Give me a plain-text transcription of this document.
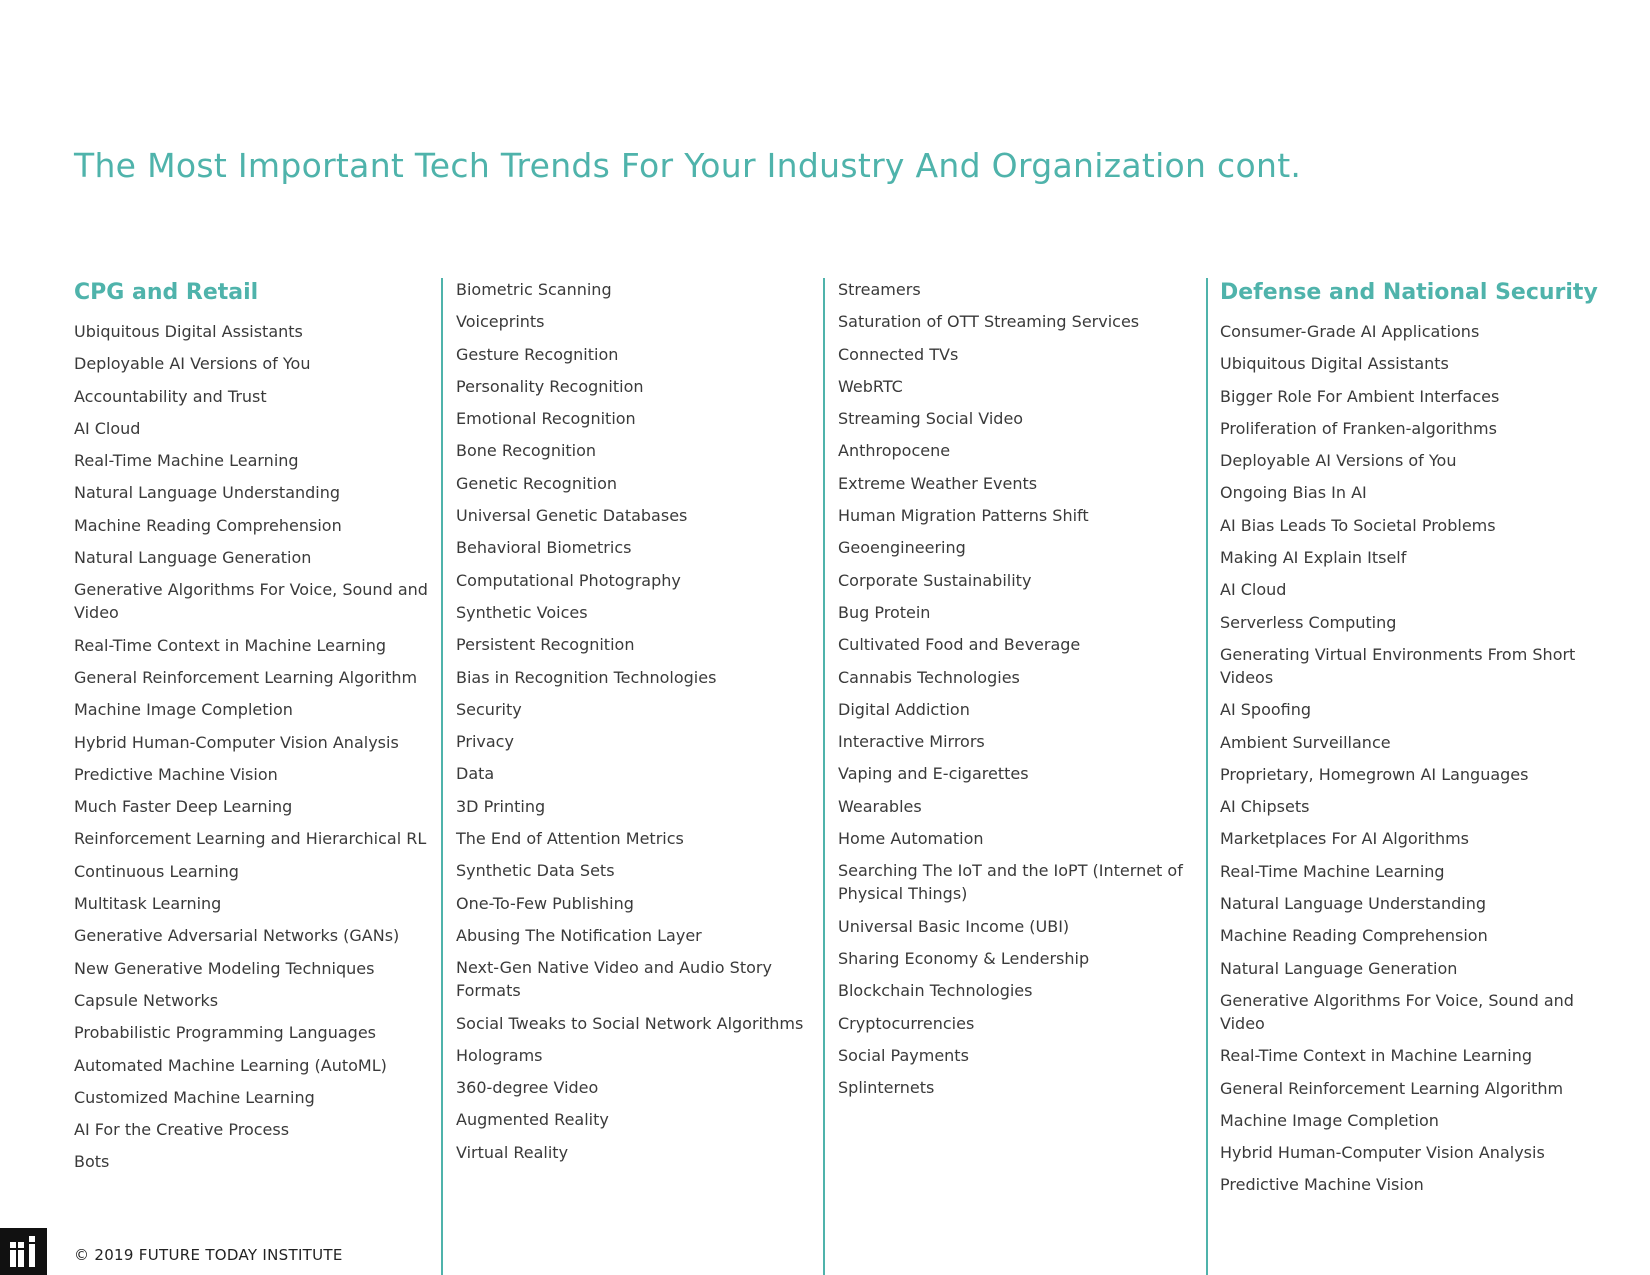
The Most Important Tech Trends For Your Industry And Organization cont.
CPG and Retail
Ubiquitous Digital Assistants
Deployable AI Versions of You
Accountability and Trust
AI Cloud
Real-Time Machine Learning
Natural Language Understanding
Machine Reading Comprehension
Natural Language Generation
Generative Algorithms For Voice, Sound and Video
Real-Time Context in Machine Learning
General Reinforcement Learning Algorithm
Machine Image Completion
Hybrid Human-Computer Vision Analysis
Predictive Machine Vision
Much Faster Deep Learning
Reinforcement Learning and Hierarchical RL
Continuous Learning
Multitask Learning
Generative Adversarial Networks (GANs)
New Generative Modeling Techniques
Capsule Networks
Probabilistic Programming Languages
Automated Machine Learning (AutoML)
Customized Machine Learning
AI For the Creative Process
Bots
Biometric Scanning
Voiceprints
Gesture Recognition
Personality Recognition
Emotional Recognition
Bone Recognition
Genetic Recognition
Universal Genetic Databases
Behavioral Biometrics
Computational Photography
Synthetic Voices
Persistent Recognition
Bias in Recognition Technologies
Security
Privacy
Data
3D Printing
The End of Attention Metrics
Synthetic Data Sets
One-To-Few Publishing
Abusing The Notification Layer
Next-Gen Native Video and Audio Story Formats
Social Tweaks to Social Network Algorithms
Holograms
360-degree Video
Augmented Reality
Virtual Reality
Streamers
Saturation of OTT Streaming Services
Connected TVs
WebRTC
Streaming Social Video
Anthropocene
Extreme Weather Events
Human Migration Patterns Shift
Geoengineering
Corporate Sustainability
Bug Protein
Cultivated Food and Beverage
Cannabis Technologies
Digital Addiction
Interactive Mirrors
Vaping and E-cigarettes
Wearables
Home Automation
Searching The IoT and the IoPT (Internet of Physical Things)
Universal Basic Income (UBI)
Sharing Economy & Lendership
Blockchain Technologies
Cryptocurrencies
Social Payments
Splinternets
Defense and National Security
Consumer-Grade AI Applications
Ubiquitous Digital Assistants
Bigger Role For Ambient Interfaces
Proliferation of Franken-algorithms
Deployable AI Versions of You
Ongoing Bias In AI
AI Bias Leads To Societal Problems
Making AI Explain Itself
AI Cloud
Serverless Computing
Generating Virtual Environments From Short Videos
AI Spoofing
Ambient Surveillance
Proprietary, Homegrown AI Languages
AI Chipsets
Marketplaces For AI Algorithms
Real-Time Machine Learning
Natural Language Understanding
Machine Reading Comprehension
Natural Language Generation
Generative Algorithms For Voice, Sound and Video
Real-Time Context in Machine Learning
General Reinforcement Learning Algorithm
Machine Image Completion
Hybrid Human-Computer Vision Analysis
Predictive Machine Vision
© 2019 FUTURE TODAY INSTITUTE
